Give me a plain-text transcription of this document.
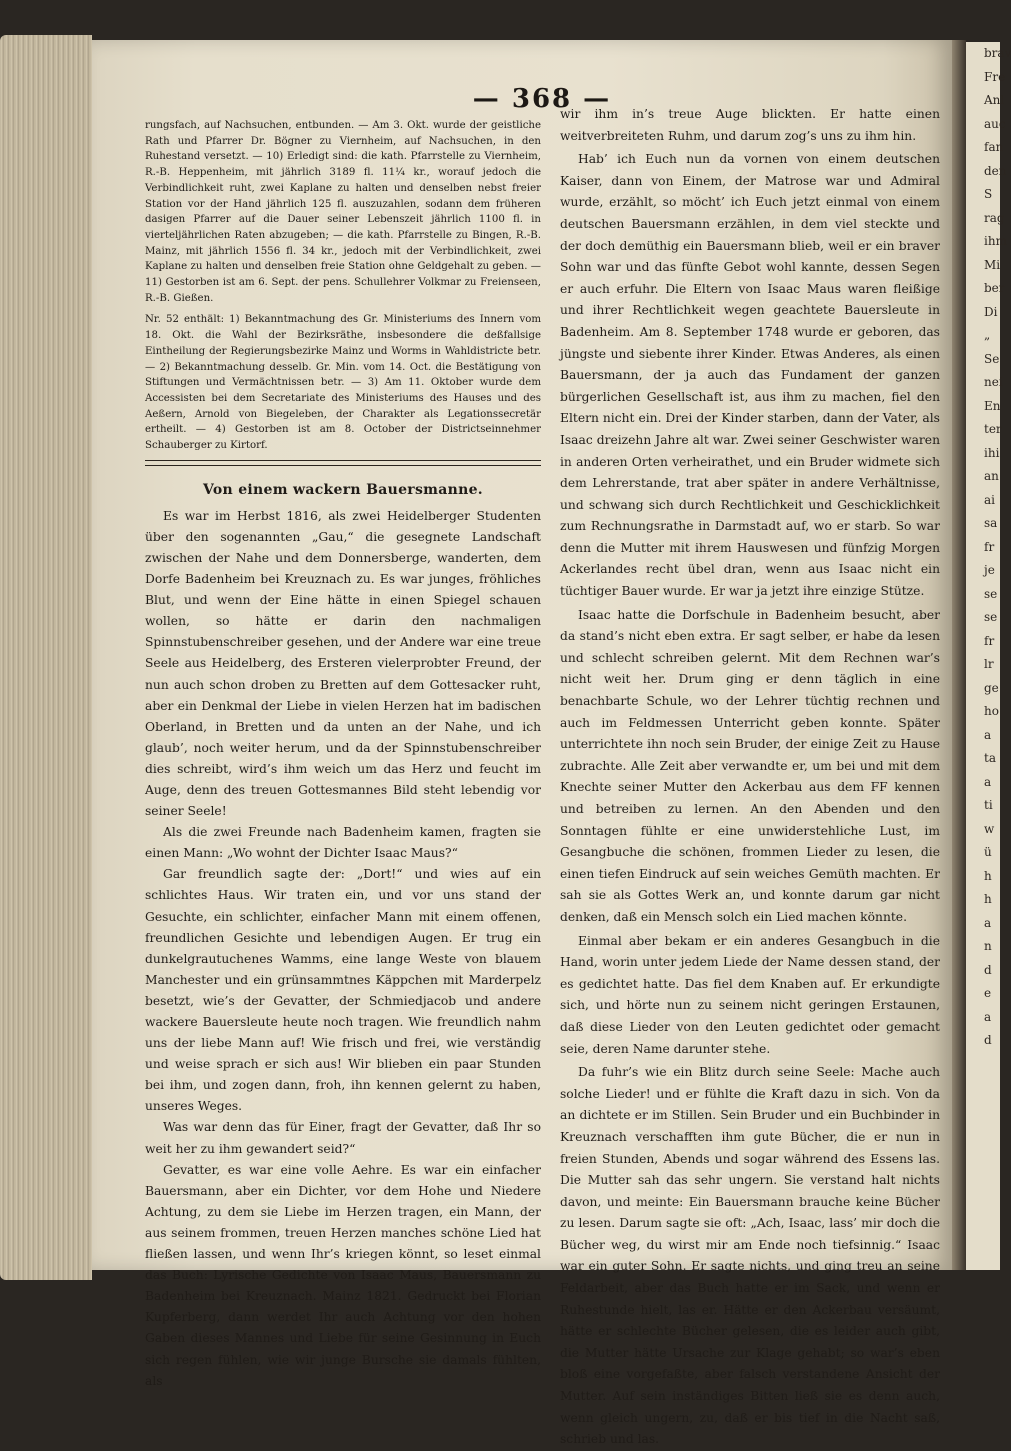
brav
Fre
Anl
auc
fan
den
S
rag
ihm
Mi
ber
Di
„
Se
nei
En
ter
ihi
an
ai
sa
fr
je
se
se
fr
lr
ge
ho
a
ta
a
ti
w
ü
h
h
a
n
d
e
a
d
— 368 —

rungsfach, auf Nachsuchen, entbunden. — Am 3. Okt. wurde der geistliche Rath und Pfarrer Dr. Bögner zu Viernheim, auf Nachsuchen, in den Ruhestand versetzt. — 10) Erledigt sind: die kath. Pfarrstelle zu Viernheim, R.-B. Heppenheim, mit jährlich 3189 fl. 11¼ kr., worauf jedoch die Verbindlichkeit ruht, zwei Kaplane zu halten und denselben nebst freier Station vor der Hand jährlich 125 fl. auszuzahlen, sodann dem früheren dasigen Pfarrer auf die Dauer seiner Lebenszeit jährlich 1100 fl. in vierteljährlichen Raten abzugeben; — die kath. Pfarrstelle zu Bingen, R.-B. Mainz, mit jährlich 1556 fl. 34 kr., jedoch mit der Verbindlichkeit, zwei Kaplane zu halten und denselben freie Station ohne Geldgehalt zu geben. — 11) Gestorben ist am 6. Sept. der pens. Schullehrer Volkmar zu Freienseen, R.-B. Gießen.

Nr. 52 enthält: 1) Bekanntmachung des Gr. Ministeriums des Innern vom 18. Okt. die Wahl der Bezirksräthe, insbesondere die deßfallsige Eintheilung der Regierungsbezirke Mainz und Worms in Wahldistricte betr. — 2) Bekanntmachung desselb. Gr. Min. vom 14. Oct. die Bestätigung von Stiftungen und Vermächtnissen betr. — 3) Am 11. Oktober wurde dem Accessisten bei dem Secretariate des Ministeriums des Hauses und des Aeßern, Arnold von Biegeleben, der Charakter als Legationssecretär ertheilt. — 4) Gestorben ist am 8. October der Districtseinnehmer Schauberger zu Kirtorf.

Von einem wackern Bauersmanne.

Es war im Herbst 1816, als zwei Heidelberger Studenten über den sogenannten „Gau,“ die gesegnete Landschaft zwischen der Nahe und dem Donnersberge, wanderten, dem Dorfe Badenheim bei Kreuznach zu. Es war junges, fröhliches Blut, und wenn der Eine hätte in einen Spiegel schauen wollen, so hätte er darin den nachmaligen Spinnstubenschreiber gesehen, und der Andere war eine treue Seele aus Heidelberg, des Ersteren vielerprobter Freund, der nun auch schon droben zu Bretten auf dem Gottesacker ruht, aber ein Denkmal der Liebe in vielen Herzen hat im badischen Oberland, in Bretten und da unten an der Nahe, und ich glaub’, noch weiter herum, und da der Spinnstubenschreiber dies schreibt, wird’s ihm weich um das Herz und feucht im Auge, denn des treuen Gottesmannes Bild steht lebendig vor seiner Seele!

Als die zwei Freunde nach Badenheim kamen, fragten sie einen Mann: „Wo wohnt der Dichter Isaac Maus?“

Gar freundlich sagte der: „Dort!“ und wies auf ein schlichtes Haus. Wir traten ein, und vor uns stand der Gesuchte, ein schlichter, einfacher Mann mit einem offenen, freundlichen Gesichte und lebendigen Augen. Er trug ein dunkelgrautuchenes Wamms, eine lange Weste von blauem Manchester und ein grünsammtnes Käppchen mit Marderpelz besetzt, wie’s der Gevatter, der Schmiedjacob und andere wackere Bauersleute heute noch tragen. Wie freundlich nahm uns der liebe Mann auf! Wie frisch und frei, wie verständig und weise sprach er sich aus! Wir blieben ein paar Stunden bei ihm, und zogen dann, froh, ihn kennen gelernt zu haben, unseres Weges.

Was war denn das für Einer, fragt der Gevatter, daß Ihr so weit her zu ihm gewandert seid?“

Gevatter, es war eine volle Aehre. Es war ein einfacher Bauersmann, aber ein Dichter, vor dem Hohe und Niedere Achtung, zu dem sie Liebe im Herzen tragen, ein Mann, der aus seinem frommen, treuen Herzen manches schöne Lied hat fließen lassen, und wenn Ihr’s kriegen könnt, so leset einmal das Buch: Lyrische Gedichte von Isaac Maus, Bauersmann zu Badenheim bei Kreuznach. Mainz 1821. Gedruckt bei Florian Kupferberg, dann werdet Ihr auch Achtung vor den hohen Gaben dieses Mannes und Liebe für seine Gesinnung in Euch sich regen fühlen, wie wir junge Bursche sie damals fühlten, als

wir ihm in’s treue Auge blickten. Er hatte einen weitverbreiteten Ruhm, und darum zog’s uns zu ihm hin.

Hab’ ich Euch nun da vornen von einem deutschen Kaiser, dann von Einem, der Matrose war und Admiral wurde, erzählt, so möcht’ ich Euch jetzt einmal von einem deutschen Bauersmann erzählen, in dem viel steckte und der doch demüthig ein Bauersmann blieb, weil er ein braver Sohn war und das fünfte Gebot wohl kannte, dessen Segen er auch erfuhr. Die Eltern von Isaac Maus waren fleißige und ihrer Rechtlichkeit wegen geachtete Bauersleute in Badenheim. Am 8. September 1748 wurde er geboren, das jüngste und siebente ihrer Kinder. Etwas Anderes, als einen Bauersmann, der ja auch das Fundament der ganzen bürgerlichen Gesellschaft ist, aus ihm zu machen, fiel den Eltern nicht ein. Drei der Kinder starben, dann der Vater, als Isaac dreizehn Jahre alt war. Zwei seiner Geschwister waren in anderen Orten verheirathet, und ein Bruder widmete sich dem Lehrerstande, trat aber später in andere Verhältnisse, und schwang sich durch Rechtlichkeit und Geschicklichkeit zum Rechnungsrathe in Darmstadt auf, wo er starb. So war denn die Mutter mit ihrem Hauswesen und fünfzig Morgen Ackerlandes recht übel dran, wenn aus Isaac nicht ein tüchtiger Bauer wurde. Er war ja jetzt ihre einzige Stütze.

Isaac hatte die Dorfschule in Badenheim besucht, aber da stand’s nicht eben extra. Er sagt selber, er habe da lesen und schlecht schreiben gelernt. Mit dem Rechnen war’s nicht weit her. Drum ging er denn täglich in eine benachbarte Schule, wo der Lehrer tüchtig rechnen und auch im Feldmessen Unterricht geben konnte. Später unterrichtete ihn noch sein Bruder, der einige Zeit zu Hause zubrachte. Alle Zeit aber verwandte er, um bei und mit dem Knechte seiner Mutter den Ackerbau aus dem FF kennen und betreiben zu lernen. An den Abenden und den Sonntagen fühlte er eine unwiderstehliche Lust, im Gesangbuche die schönen, frommen Lieder zu lesen, die einen tiefen Eindruck auf sein weiches Gemüth machten. Er sah sie als Gottes Werk an, und konnte darum gar nicht denken, daß ein Mensch solch ein Lied machen könnte.

Einmal aber bekam er ein anderes Gesangbuch in die Hand, worin unter jedem Liede der Name dessen stand, der es gedichtet hatte. Das fiel dem Knaben auf. Er erkundigte sich, und hörte nun zu seinem nicht geringen Erstaunen, daß diese Lieder von den Leuten gedichtet oder gemacht seie, deren Name darunter stehe.

Da fuhr’s wie ein Blitz durch seine Seele: Mache auch solche Lieder! und er fühlte die Kraft dazu in sich. Von da an dichtete er im Stillen. Sein Bruder und ein Buchbinder in Kreuznach verschafften ihm gute Bücher, die er nun in freien Stunden, Abends und sogar während des Essens las. Die Mutter sah das sehr ungern. Sie verstand halt nichts davon, und meinte: Ein Bauersmann brauche keine Bücher zu lesen. Darum sagte sie oft: „Ach, Isaac, lass’ mir doch die Bücher weg, du wirst mir am Ende noch tiefsinnig.“ Isaac war ein guter Sohn. Er sagte nichts, und ging treu an seine Feldarbeit, aber das Buch hatte er im Sack, und wenn er Ruhestunde hielt, las er. Hätte er den Ackerbau versäumt, hätte er schlechte Bücher gelesen, die es leider auch gibt, die Mutter hätte Ursache zur Klage gehabt; so war’s eben bloß eine vorgefaßte, aber falsch verstandene Ansicht der Mutter. Auf sein inständiges Bitten ließ sie es denn auch, wenn gleich ungern, zu, daß er bis tief in die Nacht saß, schrieb und las.
